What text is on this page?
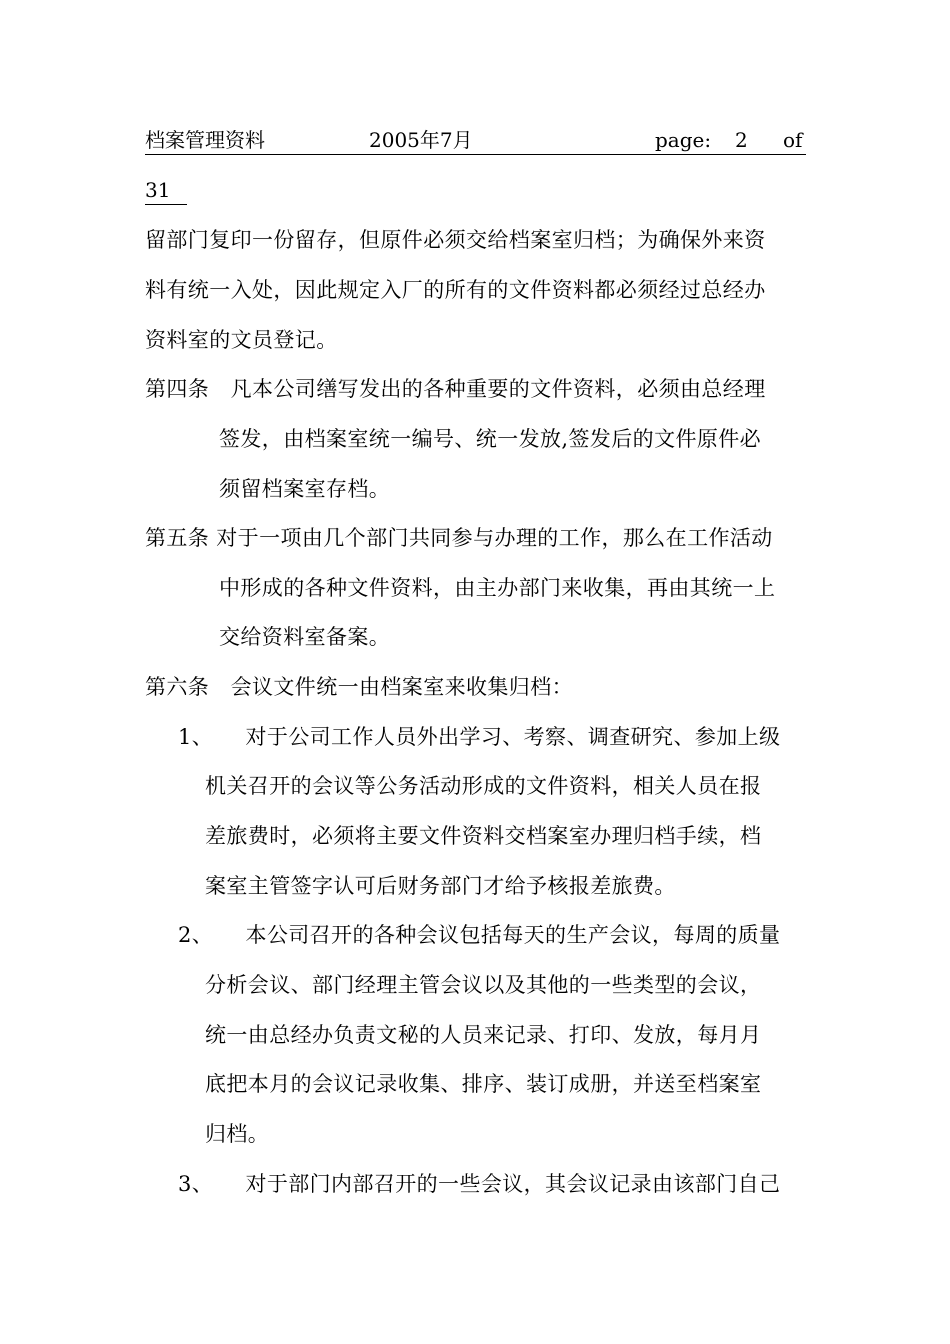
档案管理资料	2005年7月	page: 2 of
31
留部门复印一份留存，但原件必须交给档案室归档；为确保外来资
料有统一入处，因此规定入厂的所有的文件资料都必须经过总经办
资料室的文员登记。
第四条　凡本公司缮写发出的各种重要的文件资料，必须由总经理
签发，由档案室统一编号、统一发放,签发后的文件原件必
须留档案室存档。
第五条 对于一项由几个部门共同参与办理的工作，那么在工作活动
中形成的各种文件资料，由主办部门来收集，再由其统一上
交给资料室备案。
第六条　会议文件统一由档案室来收集归档：
1、　　对于公司工作人员外出学习、考察、调查研究、参加上级
机关召开的会议等公务活动形成的文件资料，相关人员在报
差旅费时，必须将主要文件资料交档案室办理归档手续，档
案室主管签字认可后财务部门才给予核报差旅费。
2、　　本公司召开的各种会议包括每天的生产会议，每周的质量
分析会议、部门经理主管会议以及其他的一些类型的会议，
统一由总经办负责文秘的人员来记录、打印、发放，每月月
底把本月的会议记录收集、排序、装订成册，并送至档案室
归档。
3、　　对于部门内部召开的一些会议，其会议记录由该部门自己
